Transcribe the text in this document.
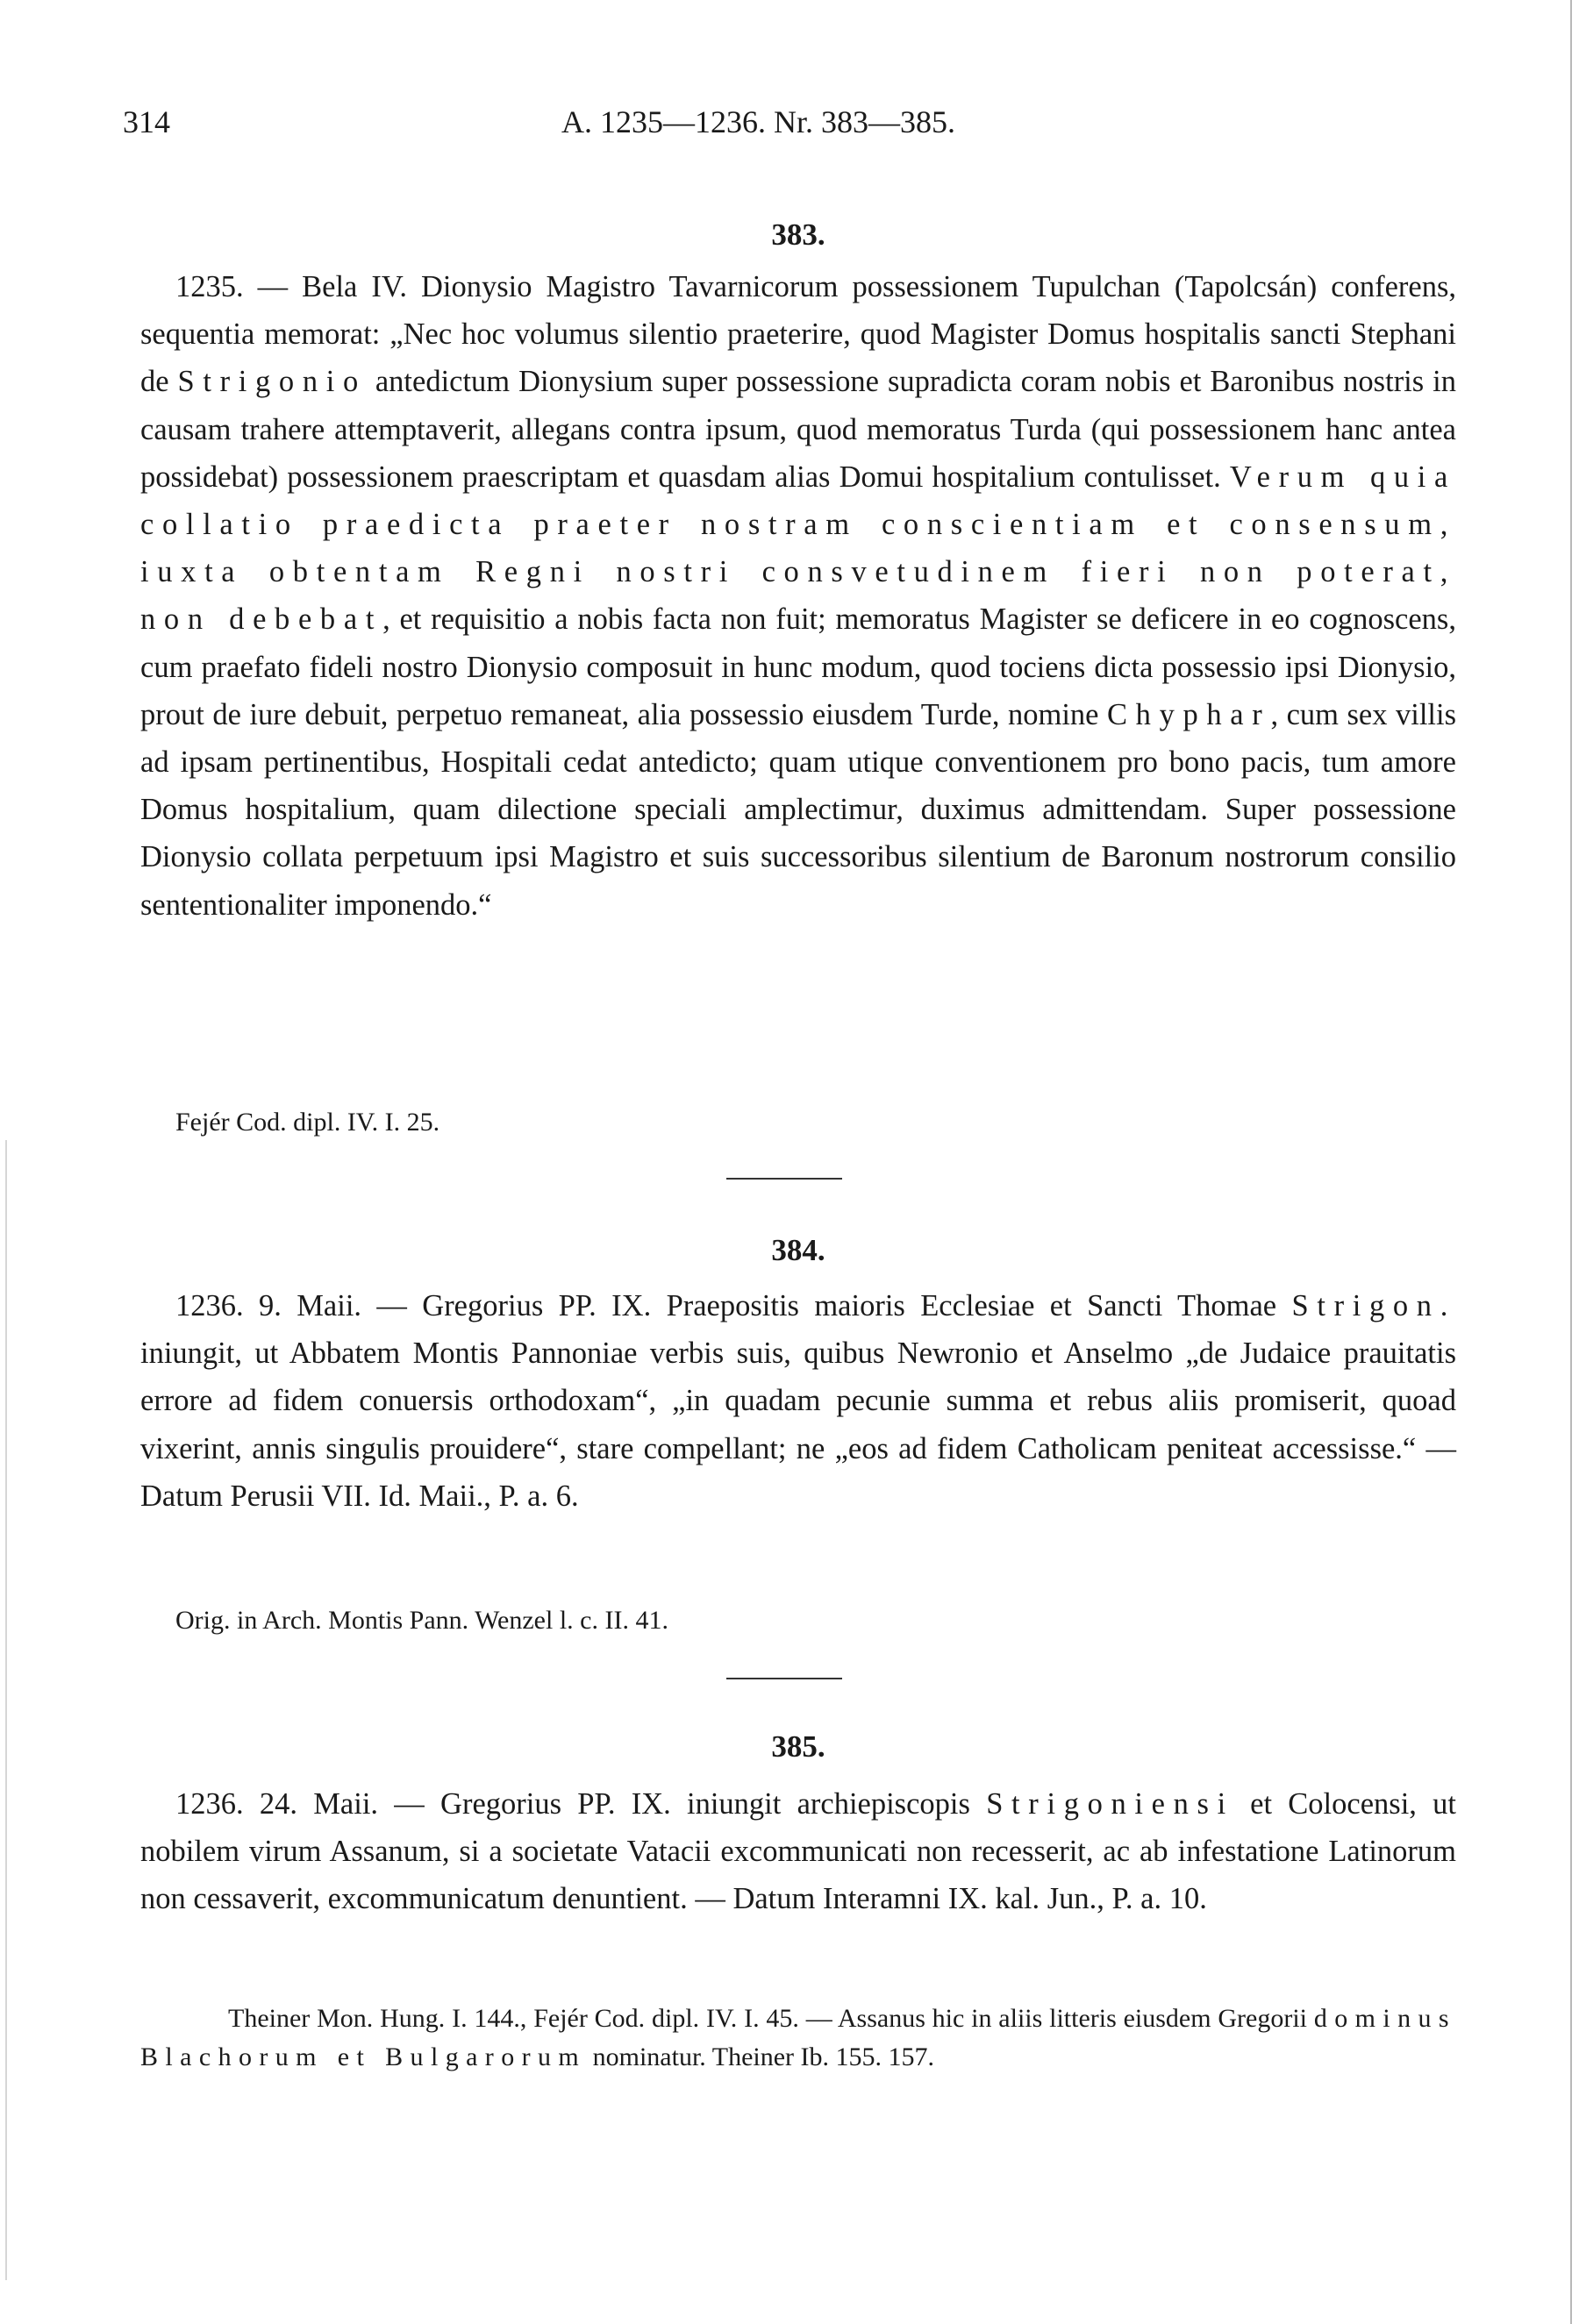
314	A. 1235—1236. Nr. 383—385.
383.
1235. — Bela IV. Dionysio Magistro Tavarnicorum possessionem Tupulchan (Tapolcsán) conferens, sequentia memorat: „Nec hoc volumus silentio praeterire, quod Magister Domus hospitalis sancti Stephani de Strigonio antedictum Dionysium super possessione supradicta coram nobis et Baronibus nostris in causam trahere attemptaverit, allegans contra ipsum, quod memoratus Turda (qui possessionem hanc antea possidebat) possessionem praescriptam et quasdam alias Domui hospitalium contulisset. Verum quia collatio praedicta praeter nostram conscientiam et consensum, iuxta obtentam Regni nostri consvetudinem fieri non poterat, non debebat, et requisitio a nobis facta non fuit; memoratus Magister se deficere in eo cognoscens, cum praefato fideli nostro Dionysio composuit in hunc modum, quod tociens dicta possessio ipsi Dionysio, prout de iure debuit, perpetuo remaneat, alia possessio eiusdem Turde, nomine Chyphar, cum sex villis ad ipsam pertinentibus, Hospitali cedat antedicto; quam utique conventionem pro bono pacis, tum amore Domus hospitalium, quam dilectione speciali amplectimur, duximus admittendam. Super possessione Dionysio collata perpetuum ipsi Magistro et suis successoribus silentium de Baronum nostrorum consilio sententionaliter imponendo.“
Fejér Cod. dipl. IV. I. 25.
384.
1236. 9. Maii. — Gregorius PP. IX. Praepositis maioris Ecclesiae et Sancti Thomae Strigon. iniungit, ut Abbatem Montis Pannoniae verbis suis, quibus Newronio et Anselmo „de Judaice prauitatis errore ad fidem conuersis orthodoxam“, „in quadam pecunie summa et rebus aliis promiserit, quoad vixerint, annis singulis prouidere“, stare compellant; ne „eos ad fidem Catholicam peniteat accessisse.“ — Datum Perusii VII. Id. Maii., P. a. 6.
Orig. in Arch. Montis Pann. Wenzel l. c. II. 41.
385.
1236. 24. Maii. — Gregorius PP. IX. iniungit archiepiscopis Strigoniensi et Colocensi, ut nobilem virum Assanum, si a societate Vatacii excommunicati non recesserit, ac ab infestatione Latinorum non cessaverit, excommunicatum denuntient. — Datum Interamni IX. kal. Jun., P. a. 10.
Theiner Mon. Hung. I. 144., Fejér Cod. dipl. IV. I. 45. — Assanus hic in aliis litteris eiusdem Gregorii dominus Blachorum et Bulgarorum nominatur. Theiner Ib. 155. 157.
